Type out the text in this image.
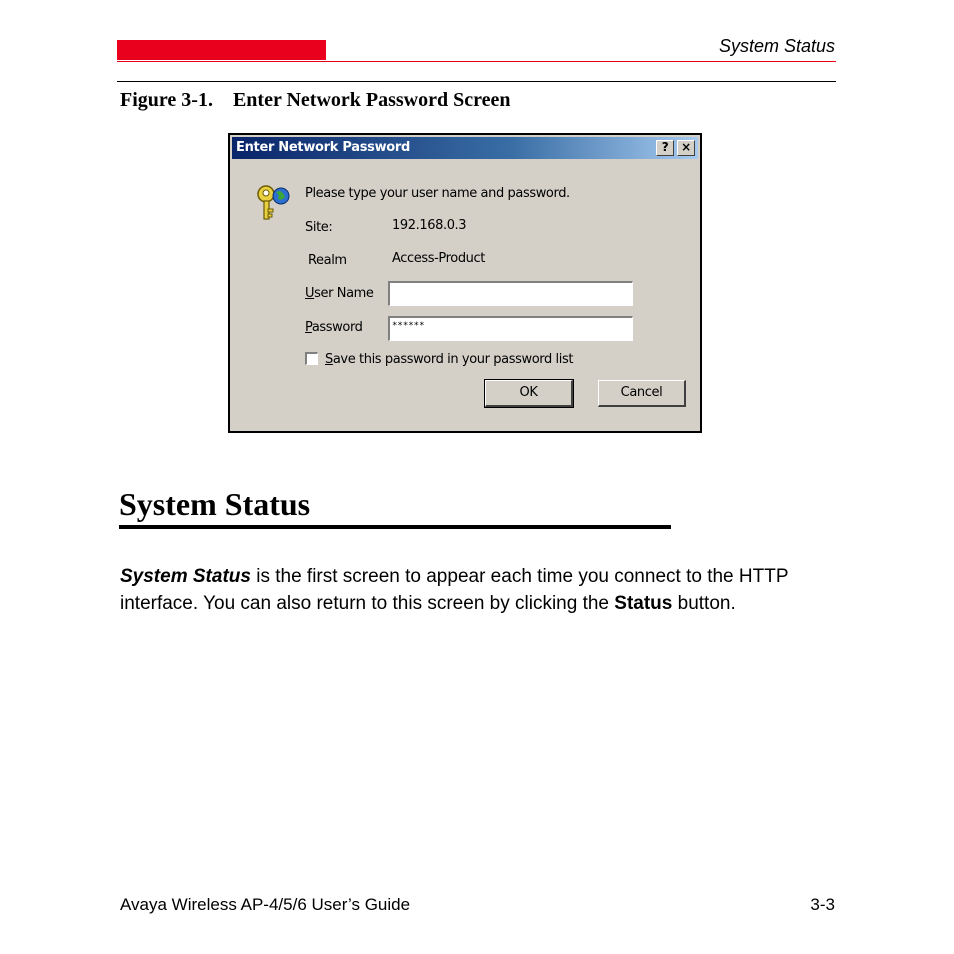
System Status
Figure 3-1.    Enter Network Password Screen
Enter Network Password	?	×
Please type your user name and password.
Site:	192.168.0.3
Realm	Access-Product
User Name
Password	******
Save this password in your password list
OK	Cancel
System Status
System Status is the first screen to appear each time you connect to the HTTP interface. You can also return to this screen by clicking the Status button.
Avaya Wireless AP-4/5/6 User’s Guide	3-3
